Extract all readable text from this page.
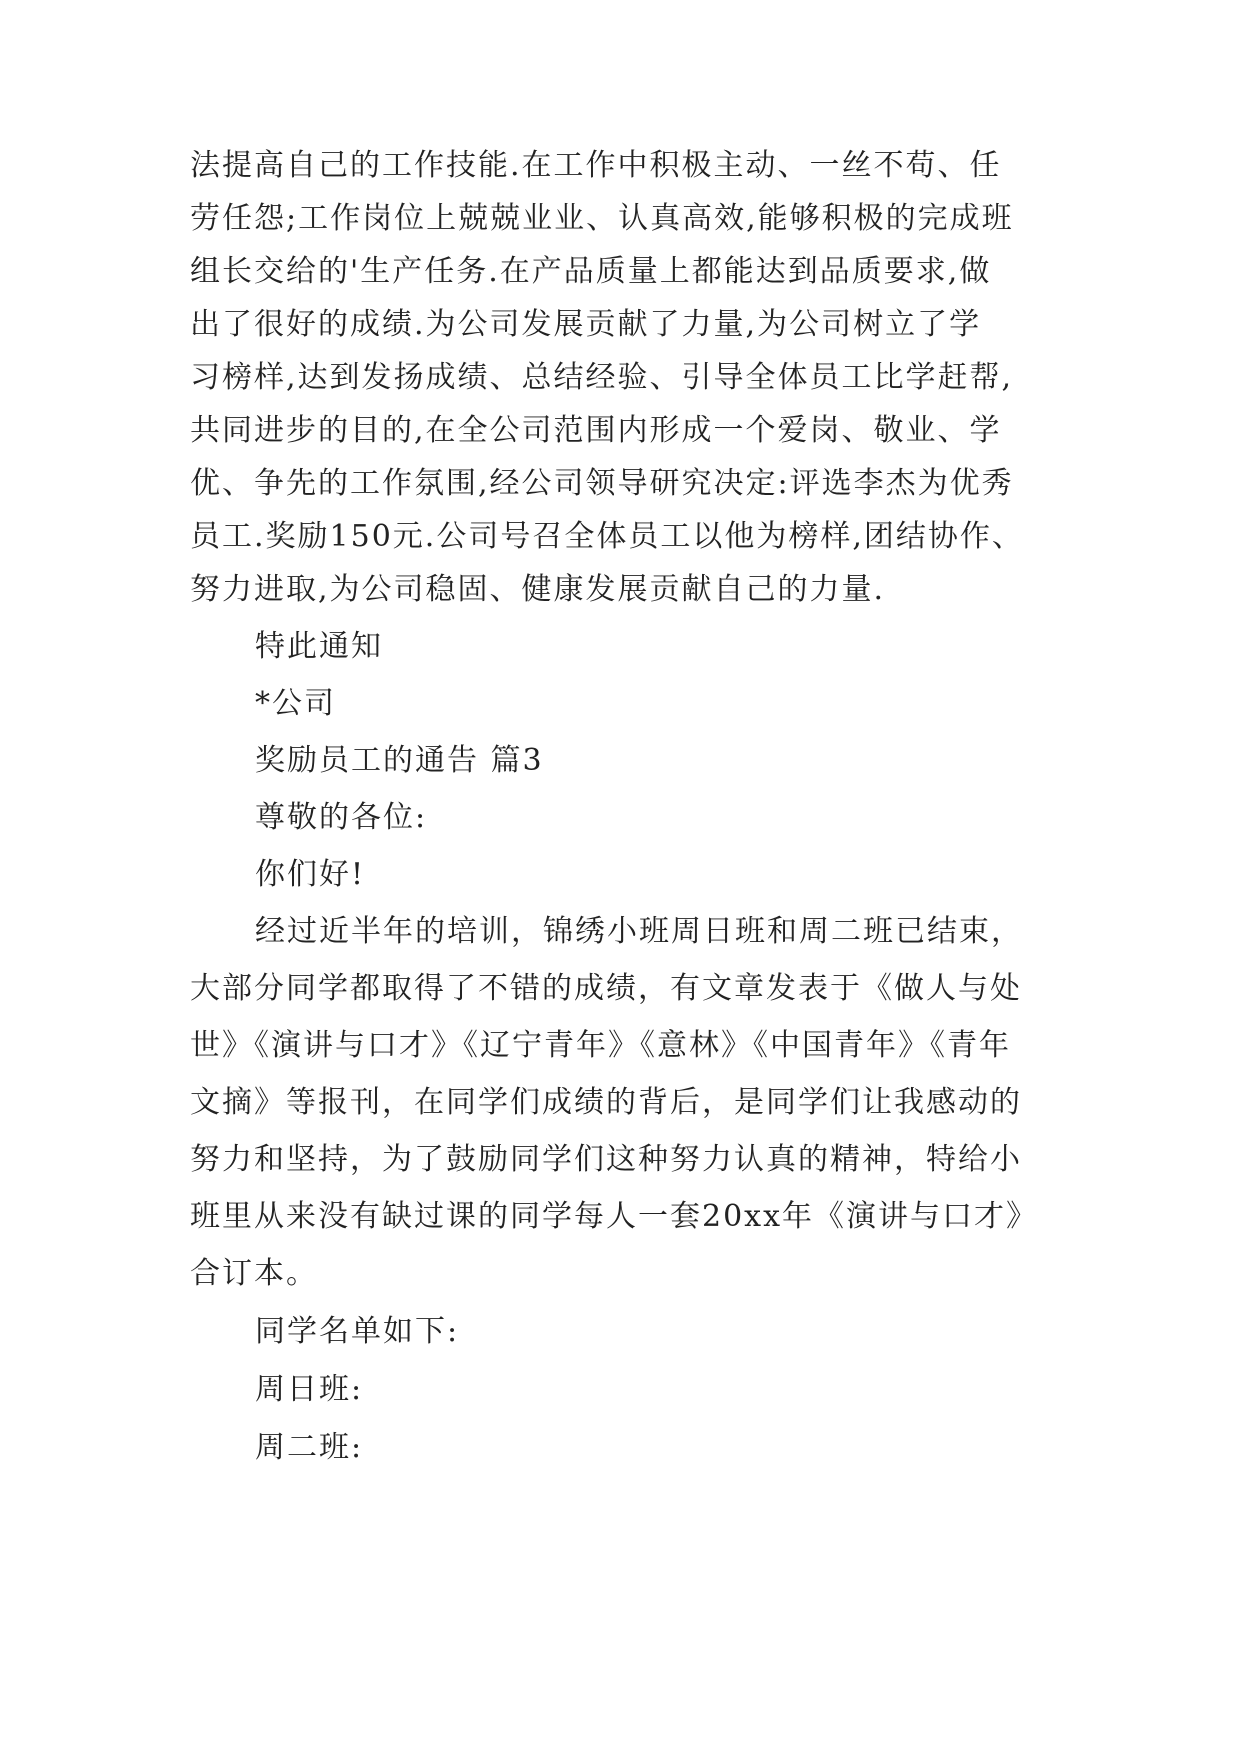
法提高自己的工作技能.在工作中积极主动、一丝不苟、任
劳任怨;工作岗位上兢兢业业、认真高效,能够积极的完成班
组长交给的'生产任务.在产品质量上都能达到品质要求,做
出了很好的成绩.为公司发展贡献了力量,为公司树立了学
习榜样,达到发扬成绩、总结经验、引导全体员工比学赶帮,
共同进步的目的,在全公司范围内形成一个爱岗、敬业、学
优、争先的工作氛围,经公司领导研究决定:评选李杰为优秀
员工.奖励150元.公司号召全体员工以他为榜样,团结协作、
努力进取,为公司稳固、健康发展贡献自己的力量.
特此通知
*公司
奖励员工的通告 篇3
尊敬的各位:
你们好!
经过近半年的培训，锦绣小班周日班和周二班已结束，
大部分同学都取得了不错的成绩，有文章发表于《做人与处
世》《演讲与口才》《辽宁青年》《意林》《中国青年》《青年
文摘》等报刊，在同学们成绩的背后，是同学们让我感动的
努力和坚持，为了鼓励同学们这种努力认真的精神，特给小
班里从来没有缺过课的同学每人一套20xx年《演讲与口才》
合订本。
同学名单如下:
周日班:
周二班:
